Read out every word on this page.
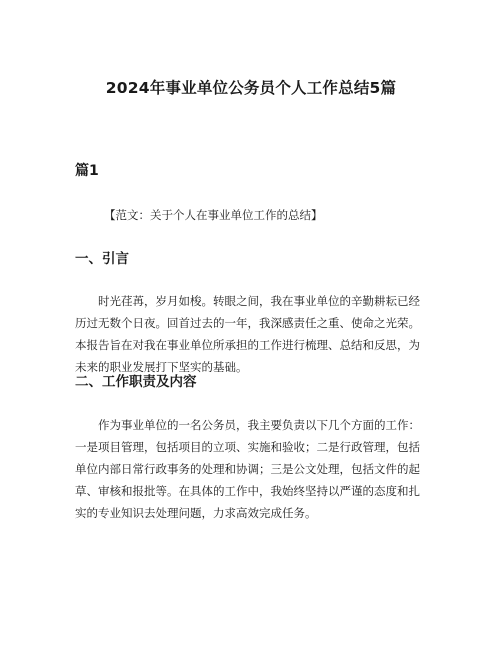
2024年事业单位公务员个人工作总结5篇
篇1
【范文：关于个人在事业单位工作的总结】
一、引言
时光荏苒，岁月如梭。转眼之间，我在事业单位的辛勤耕耘已经
历过无数个日夜。回首过去的一年，我深感责任之重、使命之光荣。
本报告旨在对我在事业单位所承担的工作进行梳理、总结和反思，为
未来的职业发展打下坚实的基础。
二、工作职责及内容
作为事业单位的一名公务员，我主要负责以下几个方面的工作：
一是项目管理，包括项目的立项、实施和验收；二是行政管理，包括
单位内部日常行政事务的处理和协调；三是公文处理，包括文件的起
草、审核和报批等。在具体的工作中，我始终坚持以严谨的态度和扎
实的专业知识去处理问题，力求高效完成任务。
